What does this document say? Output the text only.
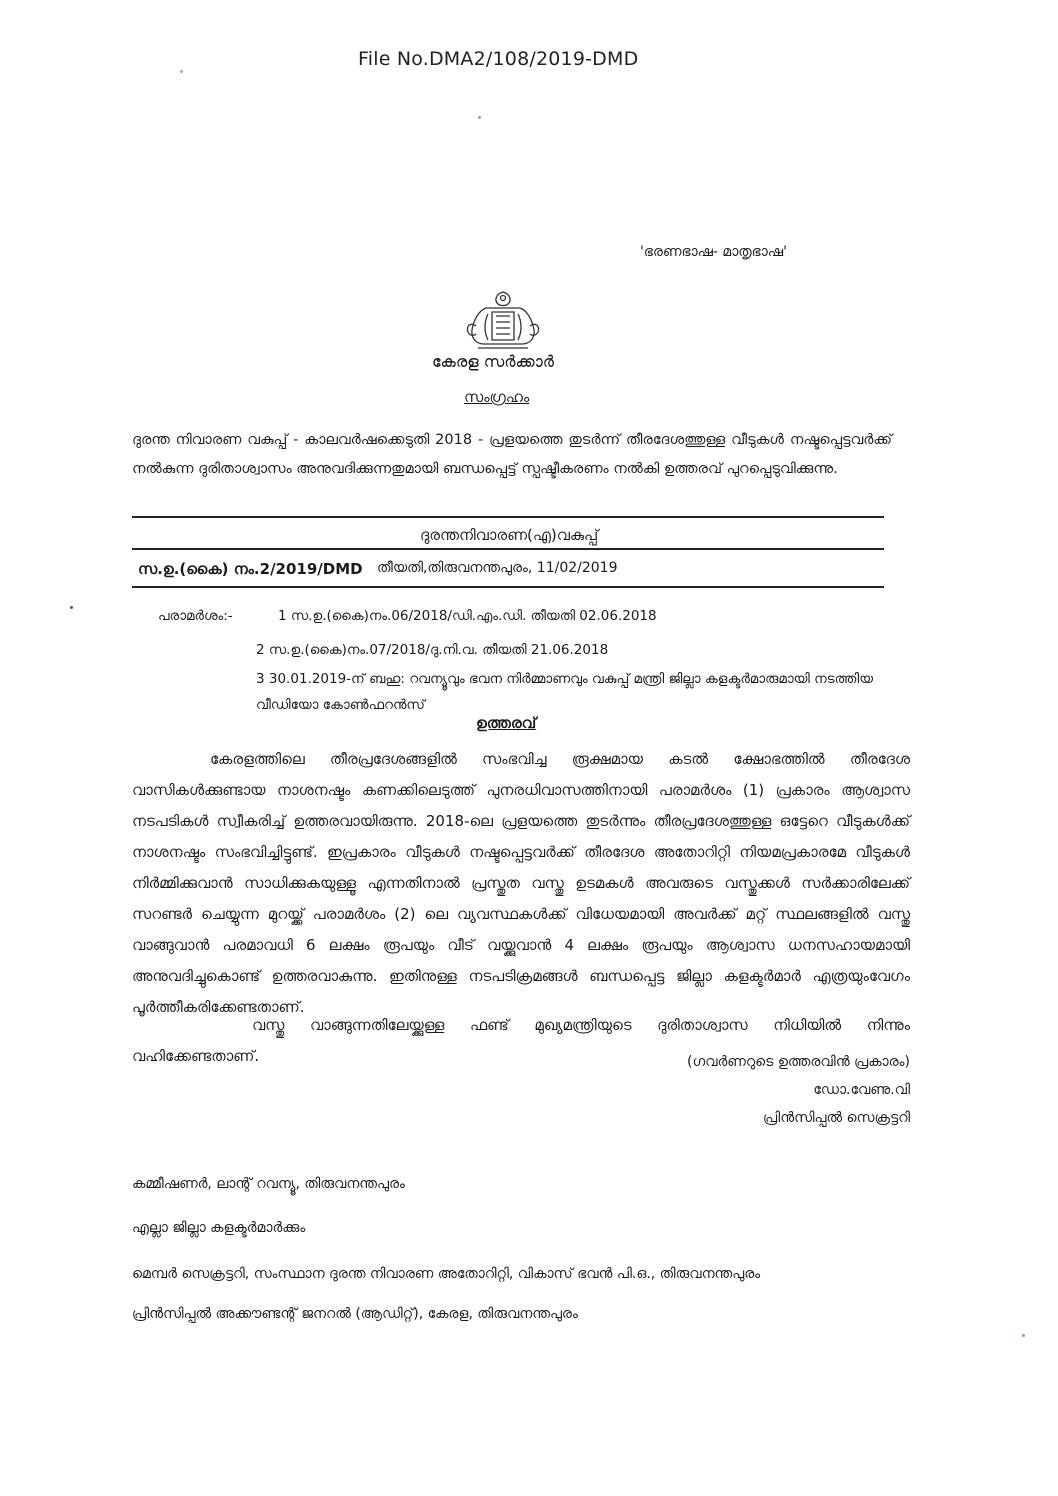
File No.DMA2/108/2019-DMD
'ഭരണഭാഷ- മാതൃഭാഷ'
കേരള സർക്കാർ
സംഗ്രഹം
ദുരന്ത നിവാരണ വകുപ്പ് - കാലവർഷക്കെടുതി 2018 - പ്രളയത്തെ തുടർന്ന് തീരദേശത്തുള്ള വീടുകൾ നഷ്ടപ്പെട്ടവർക്ക് നൽകുന്ന ദുരിതാശ്വാസം അനുവദിക്കുന്നതുമായി ബന്ധപ്പെട്ട് സ്പഷ്ടീകരണം നൽകി ഉത്തരവ് പുറപ്പെടുവിക്കുന്നു.
ദുരന്തനിവാരണ(എ)വകുപ്പ്
സ.ഉ.(കൈ) നം.2/2019/DMD തീയതി,തിരുവനന്തപുരം, 11/02/2019
പരാമർശം:-	1 സ.ഉ.(കൈ)നം.06/2018/ഡി.എം.ഡി. തീയതി 02.06.2018
2 സ.ഉ.(കൈ)നം.07/2018/ദു.നി.വ. തീയതി 21.06.2018
3 30.01.2019-ന് ബഹു: റവന്യൂവും ഭവന നിർമ്മാണവും വകുപ്പ് മന്ത്രി ജില്ലാ കളക്ടർമാരുമായി നടത്തിയ വീഡിയോ കോൺഫറൻസ്
ഉത്തരവ്
കേരളത്തിലെ തീരപ്രദേശങ്ങളിൽ സംഭവിച്ച രൂക്ഷമായ കടൽ ക്ഷോഭത്തിൽ തീരദേശ വാസികൾക്കുണ്ടായ നാശനഷ്ടം കണക്കിലെടുത്ത് പുനരധിവാസത്തിനായി പരാമർശം (1) പ്രകാരം ആശ്വാസ നടപടികൾ സ്വീകരിച്ച് ഉത്തരവായിരുന്നു. 2018-ലെ പ്രളയത്തെ തുടർന്നും തീരപ്രദേശത്തുള്ള ഒട്ടേറെ വീടുകൾക്ക് നാശനഷ്ടം സംഭവിച്ചിട്ടുണ്ട്. ഇപ്രകാരം വീടുകൾ നഷ്ടപ്പെട്ടവർക്ക് തീരദേശ അതോറിറ്റി നിയമപ്രകാരമേ വീടുകൾ നിർമ്മിക്കുവാൻ സാധിക്കുകയുള്ളൂ എന്നതിനാൽ പ്രസ്തുത വസ്തു ഉടമകൾ അവരുടെ വസ്തുക്കൾ സർക്കാരിലേക്ക് സറണ്ടർ ചെയ്യുന്ന മുറയ്ക്ക് പരാമർശം (2) ലെ വ്യവസ്ഥകൾക്ക് വിധേയമായി അവർക്ക് മറ്റ് സ്ഥലങ്ങളിൽ വസ്തു വാങ്ങുവാൻ പരമാവധി 6 ലക്ഷം രൂപയും വീട് വയ്ക്കുവാൻ 4 ലക്ഷം രൂപയും ആശ്വാസ ധനസഹായമായി അനുവദിച്ചുകൊണ്ട് ഉത്തരവാകുന്നു. ഇതിനുള്ള നടപടിക്രമങ്ങൾ ബന്ധപ്പെട്ട ജില്ലാ കളക്ടർമാർ എത്രയുംവേഗം പൂർത്തീകരിക്കേണ്ടതാണ്.
വസ്തു വാങ്ങുന്നതിലേയ്ക്കുള്ള ഫണ്ട് മുഖ്യമന്ത്രിയുടെ ദുരിതാശ്വാസ നിധിയിൽ നിന്നും വഹിക്കേണ്ടതാണ്.	(ഗവർണറുടെ ഉത്തരവിൻ പ്രകാരം)
ഡോ.വേണു.വി
പ്രിൻസിപ്പൽ സെക്രട്ടറി
കമ്മീഷണർ, ലാന്റ് റവന്യൂ, തിരുവനന്തപുരം
എല്ലാ ജില്ലാ കളക്ടർമാർക്കും
മെമ്പർ സെക്രട്ടറി, സംസ്ഥാന ദുരന്ത നിവാരണ അതോറിറ്റി, വികാസ് ഭവൻ പി.ഒ., തിരുവനന്തപുരം
പ്രിൻസിപ്പൽ അക്കൗണ്ടന്റ് ജനറൽ (ആഡിറ്റ്), കേരള, തിരുവനന്തപുരം
